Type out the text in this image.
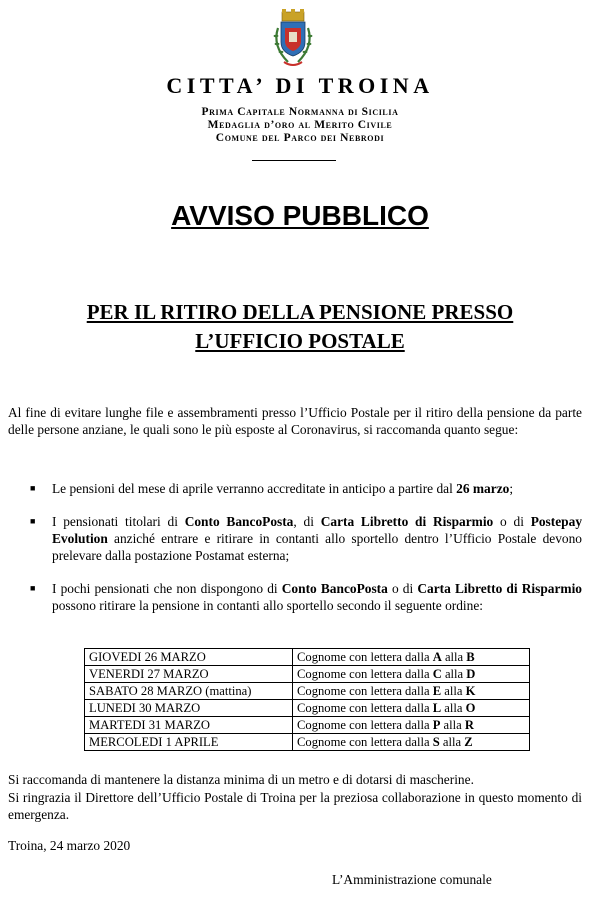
CITTA’ DI TROINA
Prima Capitale Normanna di Sicilia
Medaglia d’oro al Merito Civile
Comune del Parco dei Nebrodi
AVVISO PUBBLICO
PER IL RITIRO DELLA PENSIONE PRESSO
L’UFFICIO POSTALE
Al fine di evitare lunghe file e assembramenti presso l’Ufficio Postale per il ritiro della pensione da parte delle persone anziane, le quali sono le più esposte al Coronavirus, si raccomanda quanto segue:
■ Le pensioni del mese di aprile verranno accreditate in anticipo a partire dal 26 marzo;
■ I pensionati titolari di Conto BancoPosta, di Carta Libretto di Risparmio o di Postepay Evolution anziché entrare e ritirare in contanti allo sportello dentro l’Ufficio Postale devono prelevare dalla postazione Postamat esterna;
■ I pochi pensionati che non dispongono di Conto BancoPosta o di Carta Libretto di Risparmio possono ritirare la pensione in contanti allo sportello secondo il seguente ordine:
GIOVEDI 26 MARZO	Cognome con lettera dalla A alla B
VENERDI 27 MARZO	Cognome con lettera dalla C alla D
SABATO 28 MARZO (mattina)	Cognome con lettera dalla E alla K
LUNEDI 30 MARZO	Cognome con lettera dalla L alla O
MARTEDI 31 MARZO	Cognome con lettera dalla P alla R
MERCOLEDI 1 APRILE	Cognome con lettera dalla S alla Z
Si raccomanda di mantenere la distanza minima di un metro e di dotarsi di mascherine.
Si ringrazia il Direttore dell’Ufficio Postale di Troina per la preziosa collaborazione in questo momento di emergenza.
Troina, 24 marzo 2020
L’Amministrazione comunale
